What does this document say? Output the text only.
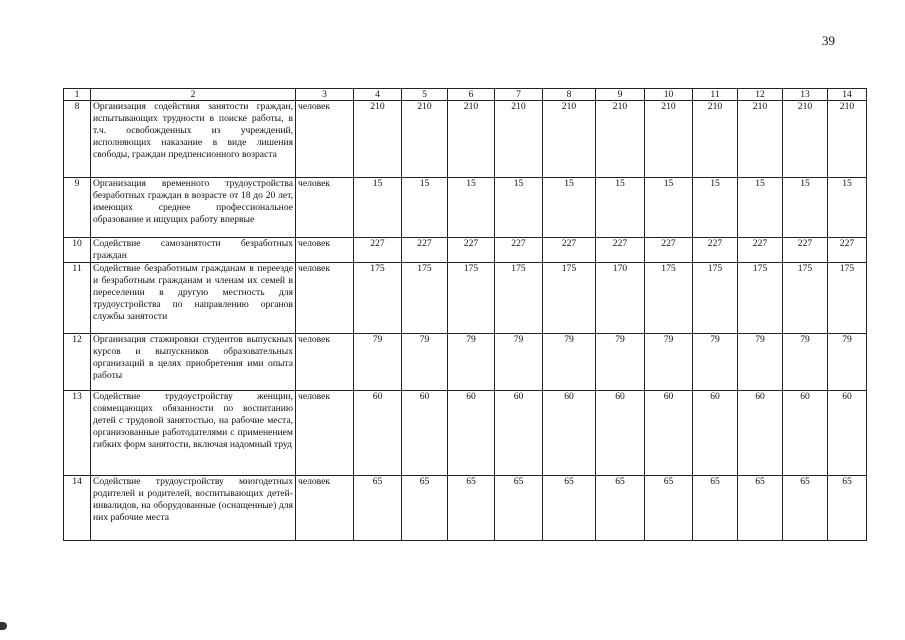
39
1	2	3	4	5	6	7	8	9	10	11	12	13	14
8	Организация содействия занятости граждан, испытывающих трудности в поиске работы, в т.ч. освобожденных из учреждений, исполняющих наказание в виде лишения свободы, граждан предпенсионного возраста	человек	210	210	210	210	210	210	210	210	210	210	210
9	Организация временного трудоустройства безработных граждан в возрасте от 18 до 20 лет, имеющих среднее профессиональное образование и ищущих работу впервые	человек	15	15	15	15	15	15	15	15	15	15	15
10	Содействие самозанятости безработных граждан	человек	227	227	227	227	227	227	227	227	227	227	227
11	Содействие безработным гражданам в переезде и безработным гражданам и членам их семей в переселении в другую местность для трудоустройства по направлению органов службы занятости	человек	175	175	175	175	175	170	175	175	175	175	175
12	Организация стажировки студентов выпускных курсов и выпускников образовательных организаций в целях приобретения ими опыта работы	человек	79	79	79	79	79	79	79	79	79	79	79
13	Содействие трудоустройству женщин, совмещающих обязанности по воспитанию детей с трудовой занятостью, на рабочие места, организованные работодателями с применением гибких форм занятости, включая надомный труд	человек	60	60	60	60	60	60	60	60	60	60	60
14	Содействие трудоустройству многодетных родителей и родителей, воспитывающих детей-инвалидов, на оборудованные (оснащенные) для них рабочие места	человек	65	65	65	65	65	65	65	65	65	65	65
